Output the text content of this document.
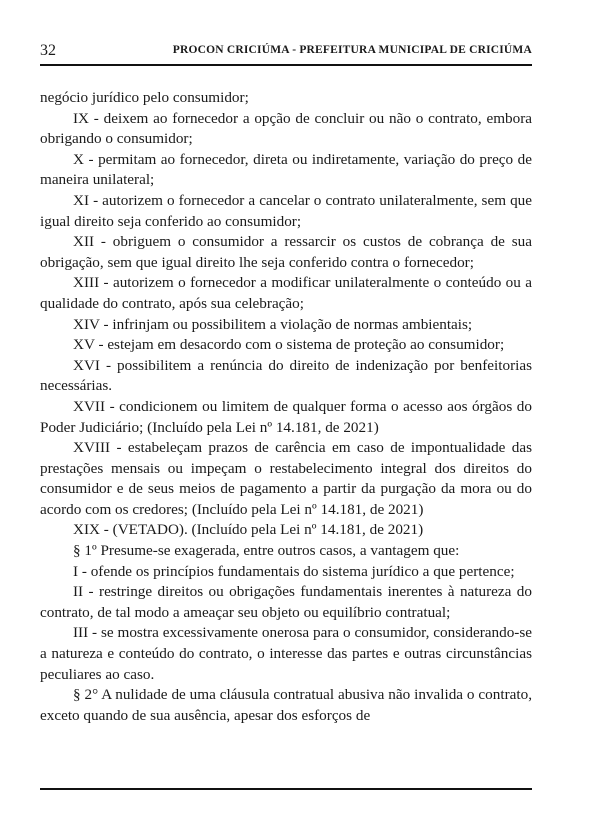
32	PROCON CRICIÚMA - PREFEITURA MUNICIPAL DE CRICIÚMA

negócio jurídico pelo consumidor;

IX - deixem ao fornecedor a opção de concluir ou não o contrato, embora obrigando o consumidor;

X - permitam ao fornecedor, direta ou indiretamente, variação do preço de maneira unilateral;

XI - autorizem o fornecedor a cancelar o contrato unilateralmente, sem que igual direito seja conferido ao consumidor;

XII - obriguem o consumidor a ressarcir os custos de cobrança de sua obrigação, sem que igual direito lhe seja conferido contra o fornecedor;

XIII - autorizem o fornecedor a modificar unilateralmente o conteúdo ou a qualidade do contrato, após sua celebração;

XIV - infrinjam ou possibilitem a violação de normas ambientais;

XV - estejam em desacordo com o sistema de proteção ao consumidor;

XVI - possibilitem a renúncia do direito de indenização por benfeitorias necessárias.

XVII - condicionem ou limitem de qualquer forma o acesso aos órgãos do Poder Judiciário; (Incluído pela Lei nº 14.181, de 2021)

XVIII - estabeleçam prazos de carência em caso de impontualidade das prestações mensais ou impeçam o restabelecimento integral dos direitos do consumidor e de seus meios de pagamento a partir da purgação da mora ou do acordo com os credores; (Incluído pela Lei nº 14.181, de 2021)

XIX - (VETADO). (Incluído pela Lei nº 14.181, de 2021)

§ 1º Presume-se exagerada, entre outros casos, a vantagem que:

I - ofende os princípios fundamentais do sistema jurídico a que pertence;

II - restringe direitos ou obrigações fundamentais inerentes à natureza do contrato, de tal modo a ameaçar seu objeto ou equilíbrio contratual;

III - se mostra excessivamente onerosa para o consumidor, considerando-se a natureza e conteúdo do contrato, o interesse das partes e outras circunstâncias peculiares ao caso.

§ 2° A nulidade de uma cláusula contratual abusiva não invalida o contrato, exceto quando de sua ausência, apesar dos esforços de
